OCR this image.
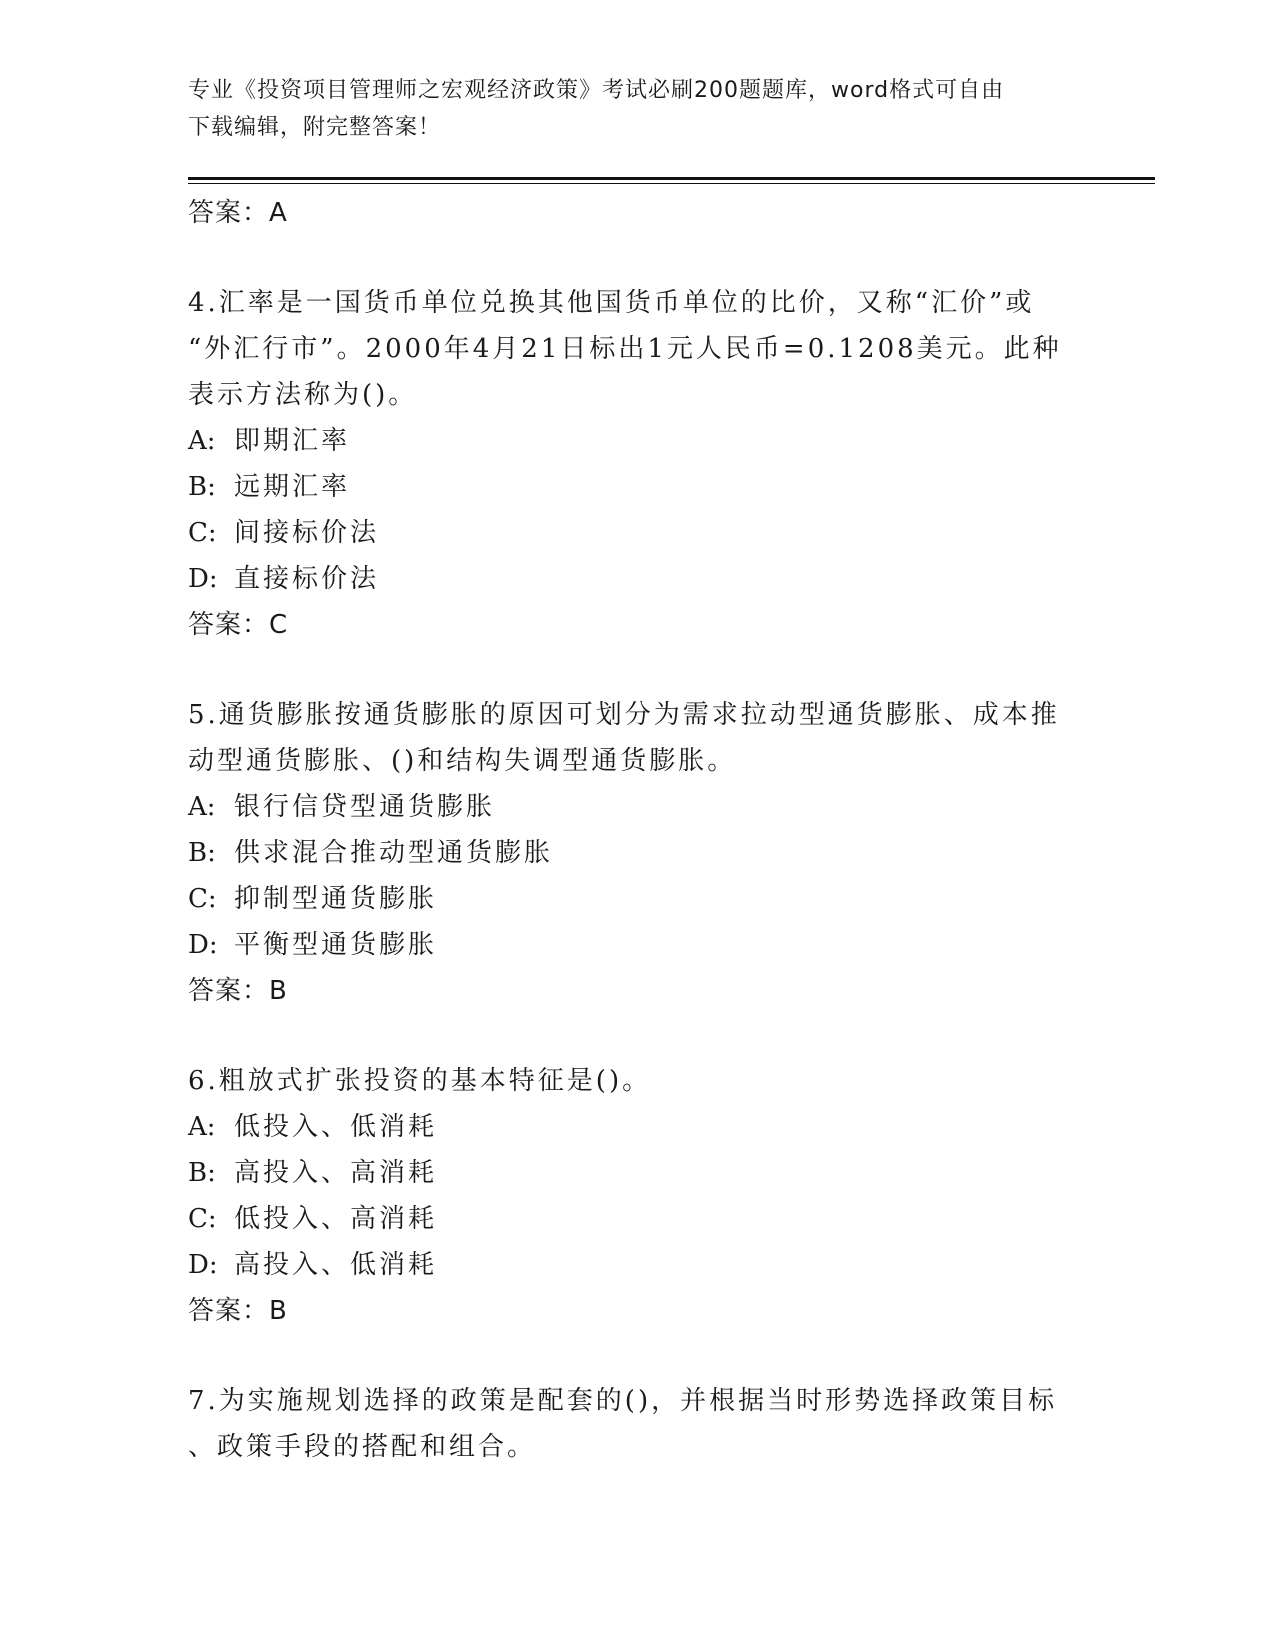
专业《投资项目管理师之宏观经济政策》考试必刷200题题库，word格式可自由
下载编辑，附完整答案！
答案：A
4.汇率是一国货币单位兑换其他国货币单位的比价，又称“汇价”或
“外汇行市”。2000年4月21日标出1元人民币=0.1208美元。此种
表示方法称为()。
A: 即期汇率
B: 远期汇率
C: 间接标价法
D: 直接标价法
答案：C
5.通货膨胀按通货膨胀的原因可划分为需求拉动型通货膨胀、成本推
动型通货膨胀、()和结构失调型通货膨胀。
A: 银行信贷型通货膨胀
B: 供求混合推动型通货膨胀
C: 抑制型通货膨胀
D: 平衡型通货膨胀
答案：B
6.粗放式扩张投资的基本特征是()。
A: 低投入、低消耗
B: 高投入、高消耗
C: 低投入、高消耗
D: 高投入、低消耗
答案：B
7.为实施规划选择的政策是配套的()，并根据当时形势选择政策目标
、政策手段的搭配和组合。
